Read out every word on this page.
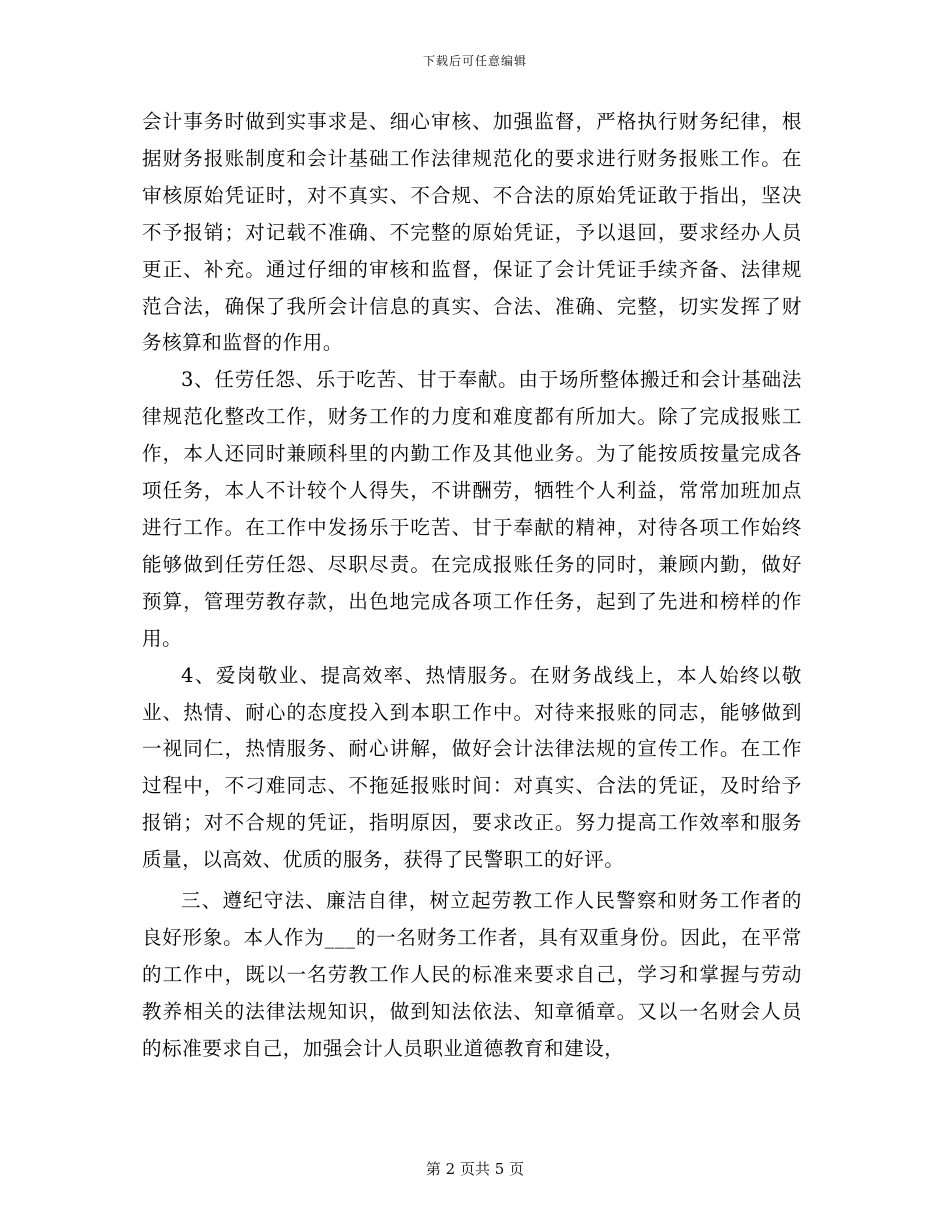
下载后可任意编辑

会计事务时做到实事求是、细心审核、加强监督，严格执行财务纪律，根据财务报账制度和会计基础工作法律规范化的要求进行财务报账工作。在审核原始凭证时，对不真实、不合规、不合法的原始凭证敢于指出，坚决不予报销；对记载不准确、不完整的原始凭证，予以退回，要求经办人员更正、补充。通过仔细的审核和监督，保证了会计凭证手续齐备、法律规范合法，确保了我所会计信息的真实、合法、准确、完整，切实发挥了财务核算和监督的作用。

3、任劳任怨、乐于吃苦、甘于奉献。由于场所整体搬迁和会计基础法律规范化整改工作，财务工作的力度和难度都有所加大。除了完成报账工作，本人还同时兼顾科里的内勤工作及其他业务。为了能按质按量完成各项任务，本人不计较个人得失，不讲酬劳，牺牲个人利益，常常加班加点进行工作。在工作中发扬乐于吃苦、甘于奉献的精神，对待各项工作始终能够做到任劳任怨、尽职尽责。在完成报账任务的同时，兼顾内勤，做好预算，管理劳教存款，出色地完成各项工作任务，起到了先进和榜样的作用。

4、爱岗敬业、提高效率、热情服务。在财务战线上，本人始终以敬业、热情、耐心的态度投入到本职工作中。对待来报账的同志，能够做到一视同仁，热情服务、耐心讲解，做好会计法律法规的宣传工作。在工作过程中，不刁难同志、不拖延报账时间：对真实、合法的凭证，及时给予报销；对不合规的凭证，指明原因，要求改正。努力提高工作效率和服务质量，以高效、优质的服务，获得了民警职工的好评。

三、遵纪守法、廉洁自律，树立起劳教工作人民警察和财务工作者的良好形象。本人作为___的一名财务工作者，具有双重身份。因此，在平常的工作中，既以一名劳教工作人民的标准来要求自己，学习和掌握与劳动教养相关的法律法规知识，做到知法依法、知章循章。又以一名财会人员的标准要求自己，加强会计人员职业道德教育和建设，

第 2 页共 5 页
